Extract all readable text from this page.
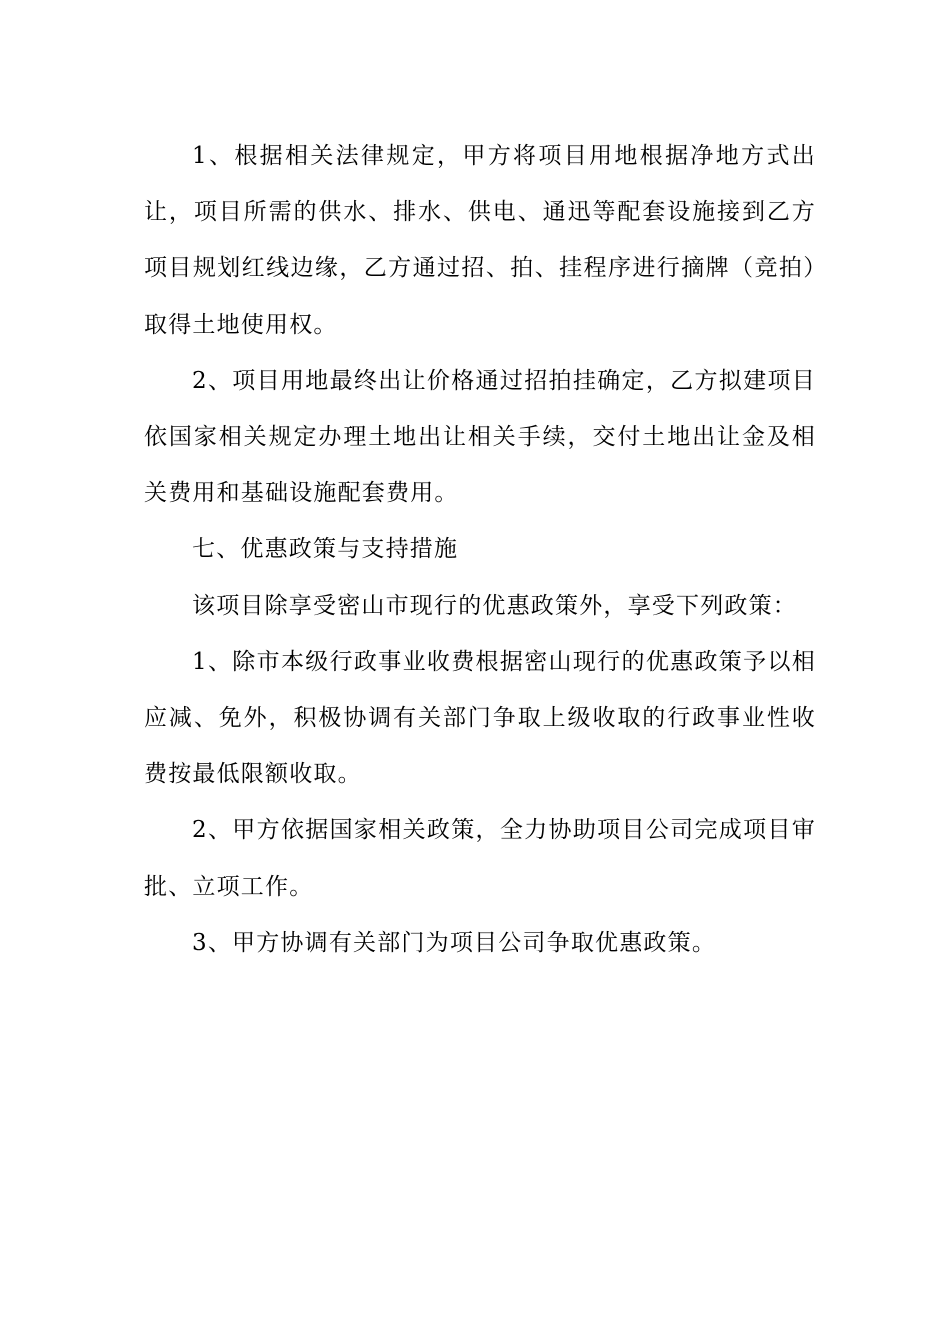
1、根据相关法律规定，甲方将项目用地根据净地方式出让，项目所需的供水、排水、供电、通迅等配套设施接到乙方项目规划红线边缘，乙方通过招、拍、挂程序进行摘牌（竞拍）取得土地使用权。

2、项目用地最终出让价格通过招拍挂确定，乙方拟建项目依国家相关规定办理土地出让相关手续，交付土地出让金及相关费用和基础设施配套费用。

七、优惠政策与支持措施

该项目除享受密山市现行的优惠政策外，享受下列政策：

1、除市本级行政事业收费根据密山现行的优惠政策予以相应减、免外，积极协调有关部门争取上级收取的行政事业性收费按最低限额收取。

2、甲方依据国家相关政策，全力协助项目公司完成项目审批、立项工作。

3、甲方协调有关部门为项目公司争取优惠政策。
